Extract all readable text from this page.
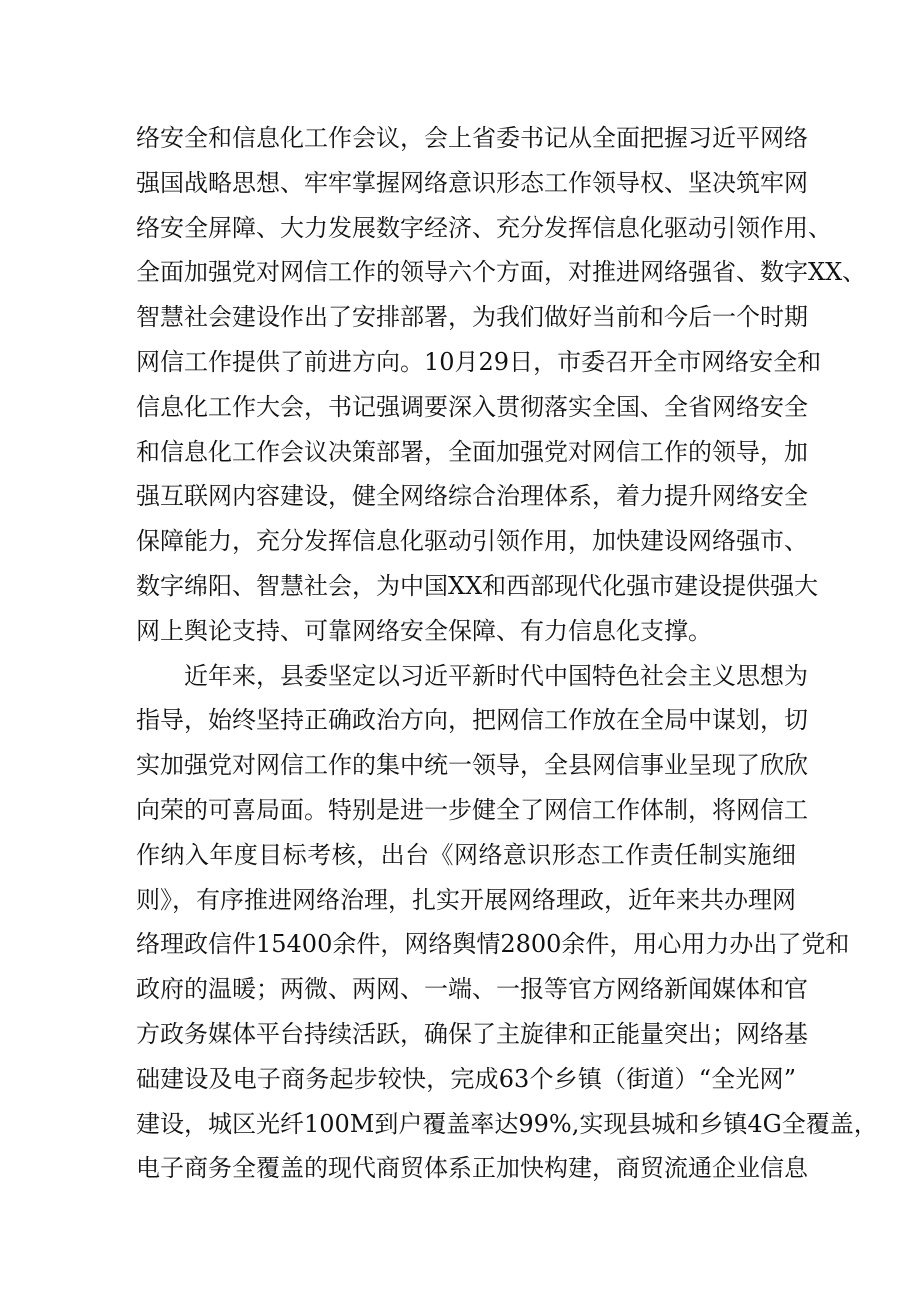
络安全和信息化工作会议，会上省委书记从全面把握习近平网络
强国战略思想、牢牢掌握网络意识形态工作领导权、坚决筑牢网
络安全屏障、大力发展数字经济、充分发挥信息化驱动引领作用、
全面加强党对网信工作的领导六个方面，对推进网络强省、数字XX、
智慧社会建设作出了安排部署，为我们做好当前和今后一个时期
网信工作提供了前进方向。10月29日，市委召开全市网络安全和
信息化工作大会，书记强调要深入贯彻落实全国、全省网络安全
和信息化工作会议决策部署，全面加强党对网信工作的领导，加
强互联网内容建设，健全网络综合治理体系，着力提升网络安全
保障能力，充分发挥信息化驱动引领作用，加快建设网络强市、
数字绵阳、智慧社会，为中国XX和西部现代化强市建设提供强大
网上舆论支持、可靠网络安全保障、有力信息化支撑。
近年来，县委坚定以习近平新时代中国特色社会主义思想为
指导，始终坚持正确政治方向，把网信工作放在全局中谋划，切
实加强党对网信工作的集中统一领导，全县网信事业呈现了欣欣
向荣的可喜局面。特别是进一步健全了网信工作体制，将网信工
作纳入年度目标考核，出台《网络意识形态工作责任制实施细
则》，有序推进网络治理，扎实开展网络理政，近年来共办理网
络理政信件15400余件，网络舆情2800余件，用心用力办出了党和
政府的温暖；两微、两网、一端、一报等官方网络新闻媒体和官
方政务媒体平台持续活跃，确保了主旋律和正能量突出；网络基
础建设及电子商务起步较快，完成63个乡镇（街道）“全光网”
建设，城区光纤100M到户覆盖率达99%,实现县城和乡镇4G全覆盖，
电子商务全覆盖的现代商贸体系正加快构建，商贸流通企业信息
